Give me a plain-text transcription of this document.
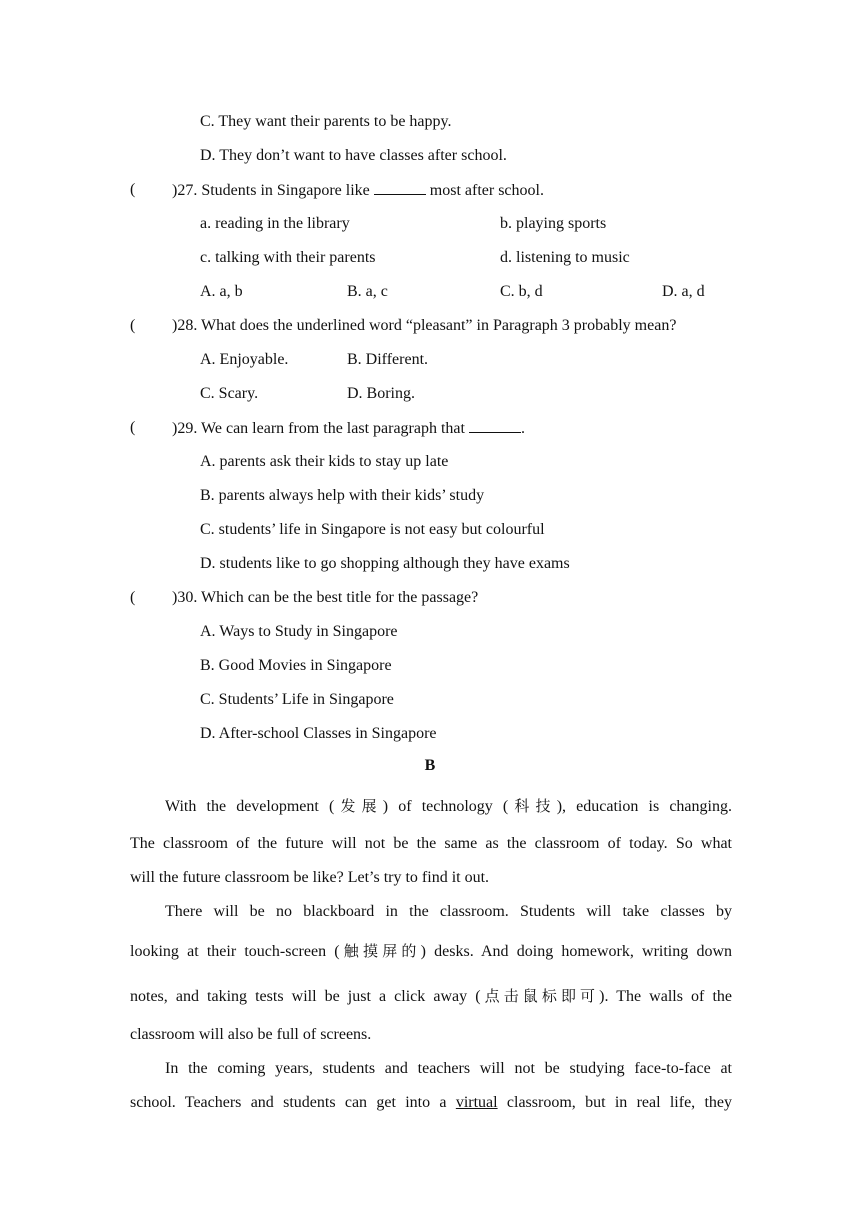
C. They want their parents to be happy.
D. They don’t want to have classes after school.
( )27. Students in Singapore like	most after school.
a. reading in the library	b. playing sports
c. talking with their parents	d. listening to music
A. a, b	B. a, c	C. b, d	D. a, d
( )28. What does the underlined word “pleasant” in Paragraph 3 probably mean?
A. Enjoyable.	B. Different.
C. Scary.	D. Boring.
( )29. We can learn from the last paragraph that	.
A. parents ask their kids to stay up late
B. parents always help with their kids’ study
C. students’ life in Singapore is not easy but colourful
D. students like to go shopping although they have exams
( )30. Which can be the best title for the passage?
A. Ways to Study in Singapore
B. Good Movies in Singapore
C. Students’ Life in Singapore
D. After-school Classes in Singapore
B
With the development (发展) of technology (科技), education is changing.
The classroom of the future will not be the same as the classroom of today. So what
will the future classroom be like? Let’s try to find it out.
There will be no blackboard in the classroom. Students will take classes by
looking at their touch-screen (触摸屏的) desks. And doing homework, writing down
notes, and taking tests will be just a click away (点击鼠标即可). The walls of the
classroom will also be full of screens.
In the coming years, students and teachers will not be studying face-to-face at
school. Teachers and students can get into a virtual classroom, but in real life, they
